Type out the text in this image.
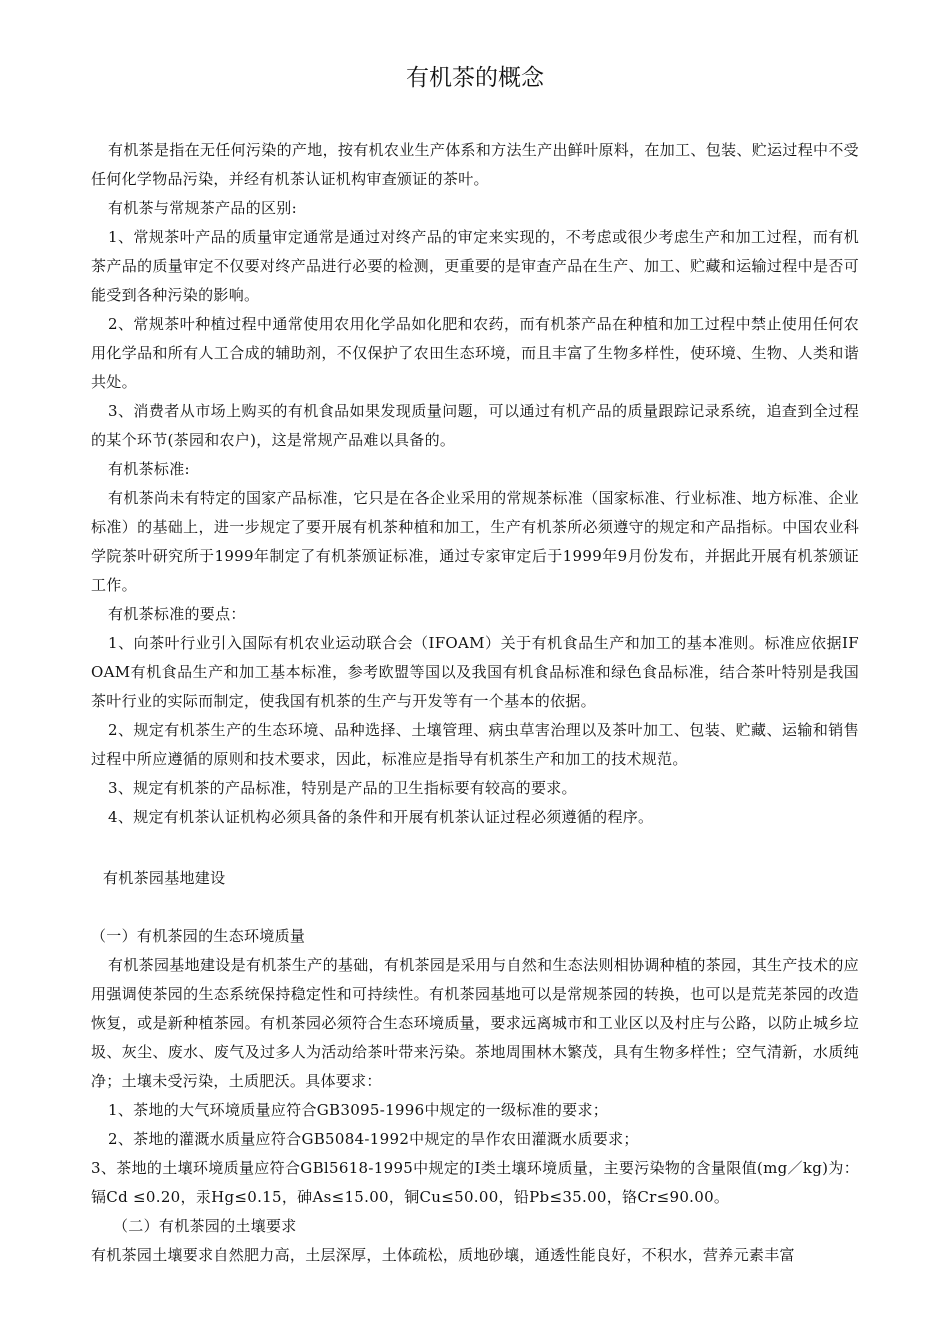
有机茶的概念

有机茶是指在无任何污染的产地，按有机农业生产体系和方法生产出鲜叶原料，在加工、包装、贮运过程中不受任何化学物品污染，并经有机茶认证机构审查颁证的茶叶。

有机茶与常规茶产品的区别:

1、常规茶叶产品的质量审定通常是通过对终产品的审定来实现的，不考虑或很少考虑生产和加工过程，而有机茶产品的质量审定不仅要对终产品进行必要的检测，更重要的是审查产品在生产、加工、贮藏和运输过程中是否可能受到各种污染的影响。

2、常规茶叶种植过程中通常使用农用化学品如化肥和农药，而有机茶产品在种植和加工过程中禁止使用任何农用化学品和所有人工合成的辅助剂，不仅保护了农田生态环境，而且丰富了生物多样性，使环境、生物、人类和谐共处。

3、消费者从市场上购买的有机食品如果发现质量问题，可以通过有机产品的质量跟踪记录系统，追查到全过程的某个环节(茶园和农户)，这是常规产品难以具备的。

有机茶标准:

有机茶尚未有特定的国家产品标准，它只是在各企业采用的常规茶标准（国家标准、行业标准、地方标准、企业标准）的基础上，进一步规定了要开展有机茶种植和加工，生产有机茶所必须遵守的规定和产品指标。中国农业科学院茶叶研究所于1999年制定了有机茶颁证标准，通过专家审定后于1999年9月份发布，并据此开展有机茶颁证工作。

有机茶标准的要点：

1、向茶叶行业引入国际有机农业运动联合会（IFOAM）关于有机食品生产和加工的基本准则。标准应依据IFOAM有机食品生产和加工基本标准，参考欧盟等国以及我国有机食品标准和绿色食品标准，结合茶叶特别是我国茶叶行业的实际而制定，使我国有机茶的生产与开发等有一个基本的依据。

2、规定有机茶生产的生态环境、品种选择、土壤管理、病虫草害治理以及茶叶加工、包装、贮藏、运输和销售过程中所应遵循的原则和技术要求，因此，标准应是指导有机茶生产和加工的技术规范。

3、规定有机茶的产品标准，特别是产品的卫生指标要有较高的要求。

4、规定有机茶认证机构必须具备的条件和开展有机茶认证过程必须遵循的程序。

有机茶园基地建设

（一）有机茶园的生态环境质量

有机茶园基地建设是有机茶生产的基础，有机茶园是采用与自然和生态法则相协调种植的茶园，其生产技术的应用强调使茶园的生态系统保持稳定性和可持续性。有机茶园基地可以是常规茶园的转换，也可以是荒芜茶园的改造恢复，或是新种植茶园。有机茶园必须符合生态环境质量，要求远离城市和工业区以及村庄与公路，以防止城乡垃圾、灰尘、废水、废气及过多人为活动给茶叶带来污染。茶地周围林木繁茂，具有生物多样性；空气清新，水质纯净；土壤未受污染，土质肥沃。具体要求：

1、茶地的大气环境质量应符合GB3095-1996中规定的一级标准的要求；

2、茶地的灌溉水质量应符合GB5084-1992中规定的旱作农田灌溉水质要求；

3、茶地的土壤环境质量应符合GBl5618-1995中规定的Ⅰ类土壤环境质量，主要污染物的含量限值(mg／kg)为：镉Cd ≤0.20，汞Hg≤0.15，砷As≤15.00，铜Cu≤50.00，铅Pb≤35.00，铬Cr≤90.00。

（二）有机茶园的土壤要求

有机茶园土壤要求自然肥力高，土层深厚，土体疏松，质地砂壤，通透性能良好，不积水，营养元素丰富
